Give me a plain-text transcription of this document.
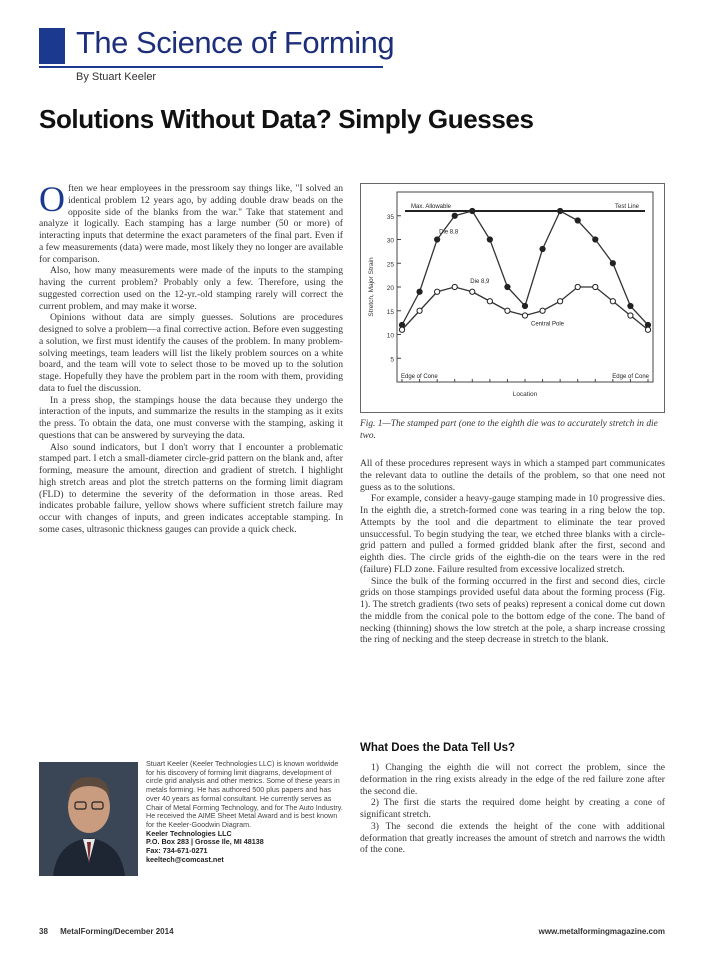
The Science of Forming
By Stuart Keeler
Solutions Without Data? Simply Guesses
O ften we hear employees in the pressroom say things like, "I solved an identical problem 12 years ago, by adding double draw beads on the opposite side of the blanks from the war." Take that statement and analyze it logically. Each stamping has a large number (50 or more) of interacting inputs that determine the exact parameters of the final part. Even if a few measurements (data) were made, most likely they no longer are available for comparison.

Also, how many measurements were made of the inputs to the stamping having the current problem? Probably only a few. Therefore, using the suggested correction used on the 12-yr.-old stamping rarely will correct the current problem, and may make it worse.

Opinions without data are simply guesses. Solutions are procedures designed to solve a problem—a final corrective action. Before even suggesting a solution, we first must identify the causes of the problem. In many problem-solving meetings, team leaders will list the likely problem sources on a white board, and the team will vote to select those to be moved up to the solution stage. Hopefully they have the problem part in the room with them, providing data to fuel the discussion.

In a press shop, the stampings house the data because they undergo the interaction of the inputs, and summarize the results in the stamping as it exits the press. To obtain the data, one must converse with the stamping, asking it questions that can be answered by surveying the data.

Also sound indicators, but I don't worry that I encounter a problematic stamped part. I etch a small-diameter circle-grid pattern on the blank and, after forming, measure the amount, direction and gradient of stretch. I highlight high stretch areas and plot the stretch patterns on the forming limit diagram (FLD) to determine the severity of the deformation in those areas. Red indicates probable failure, yellow shows where sufficient stretch failure may occur with changes of inputs, and green indicates acceptable stamping. In some cases, ultrasonic thickness gauges can provide a quick check.

5
10
15
20
25
30
35
Stretch, Major Strain
Location
Max. Allowable	Test Line
Die 8,8
Die 8,9
Central Pole
Edge of Cone	Edge of Cone
Fig. 1—The stamped part (one to the eighth die was to accurately stretch in die two.

All of these procedures represent ways in which a stamped part communicates the relevant data to outline the details of the problem, so that one need not guess as to the solutions.

For example, consider a heavy-gauge stamping made in 10 progressive dies. In the eighth die, a stretch-formed cone was tearing in a ring below the top. Attempts by the tool and die department to eliminate the tear proved unsuccessful. To begin studying the tear, we etched three blanks with a circle-grid pattern and pulled a formed gridded blank after the first, second and eighth dies. The circle grids of the eighth-die on the tears were in the red (failure) FLD zone. Failure resulted from excessive localized stretch.

Since the bulk of the forming occurred in the first and second dies, circle grids on those stampings provided useful data about the forming process (Fig. 1). The stretch gradients (two sets of peaks) represent a conical dome cut down the middle from the conical pole to the bottom edge of the cone. The band of necking (thinning) shows the low stretch at the pole, a sharp increase crossing the ring of necking and the steep decrease in stretch to the blank.

What Does the Data Tell Us?

1) Changing the eighth die will not correct the problem, since the deformation in the ring exists already in the edge of the red failure zone after the second die.

2) The first die starts the required dome height by creating a cone of significant stretch.

3) The second die extends the height of the cone with additional deformation that greatly increases the amount of stretch and narrows the width of the cone.

Stuart Keeler (Keeler Technologies LLC) is known worldwide for his discovery of forming limit diagrams, development of circle grid analysis and other metrics. Some of these years in metals forming. He has authored 500 plus papers and has over 40 years as formal consultant. He currently serves as Chair of Metal Forming Technology, and for The Auto Industry. He received the AIME Sheet Metal Award and is best known for the Keeler-Goodwin Diagram.
Keeler Technologies LLC
P.O. Box 283 | Grosse Ile, MI 48138
Fax: 734-671-0271
keeltech@comcast.net
38 MetalForming/December 2014	www.metalformingmagazine.com
